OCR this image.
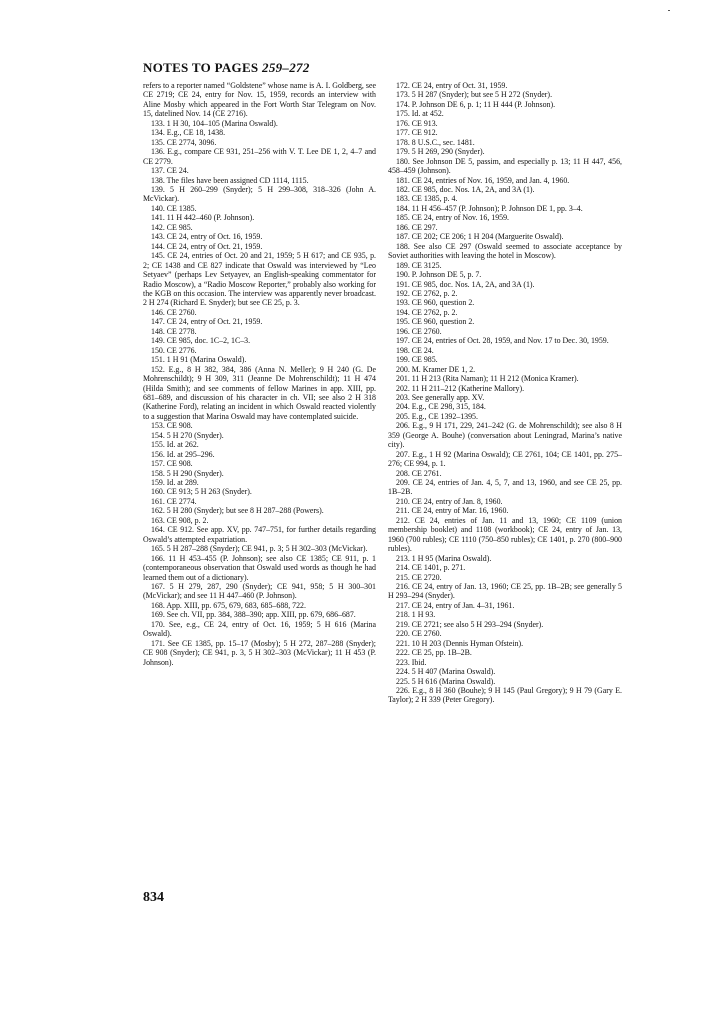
NOTES TO PAGES 259–272

refers to a reporter named “Goldstene” whose name is A. I. Goldberg, see CE 2719; CE 24, entry for Nov. 15, 1959, records an interview with Aline Mosby which appeared in the Fort Worth Star Telegram on Nov. 15, datelined Nov. 14 (CE 2716).

133. 1 H 30, 104–105 (Marina Oswald).

134. E.g., CE 18, 1438.

135. CE 2774, 3096.

136. E.g., compare CE 931, 251–256 with V. T. Lee DE 1, 2, 4–7 and CE 2779.

137. CE 24.

138. The files have been assigned CD 1114, 1115.

139. 5 H 260–299 (Snyder); 5 H 299–308, 318–326 (John A. McVickar).

140. CE 1385.

141. 11 H 442–460 (P. Johnson).

142. CE 985.

143. CE 24, entry of Oct. 16, 1959.

144. CE 24, entry of Oct. 21, 1959.

145. CE 24, entries of Oct. 20 and 21, 1959; 5 H 617; and CE 935, p. 2; CE 1438 and CE 827 indicate that Oswald was interviewed by “Leo Setyaev” (perhaps Lev Setyayev, an English-speaking commentator for Radio Moscow), a “Radio Moscow Reporter,” probably also working for the KGB on this occasion. The interview was apparently never broadcast. 2 H 274 (Richard E. Snyder); but see CE 25, p. 3.

146. CE 2760.

147. CE 24, entry of Oct. 21, 1959.

148. CE 2778.

149. CE 985, doc. 1C–2, 1C–3.

150. CE 2776.

151. 1 H 91 (Marina Oswald).

152. E.g., 8 H 382, 384, 386 (Anna N. Meller); 9 H 240 (G. De Mohrenschildt); 9 H 309, 311 (Jeanne De Mohrenschildt); 11 H 474 (Hilda Smith); and see comments of fellow Marines in app. XIII, pp. 681–689, and discussion of his character in ch. VII; see also 2 H 318 (Katherine Ford), relating an incident in which Oswald reacted violently to a suggestion that Marina Oswald may have contemplated suicide.

153. CE 908.

154. 5 H 270 (Snyder).

155. Id. at 262.

156. Id. at 295–296.

157. CE 908.

158. 5 H 290 (Snyder).

159. Id. at 289.

160. CE 913; 5 H 263 (Snyder).

161. CE 2774.

162. 5 H 280 (Snyder); but see 8 H 287–288 (Powers).

163. CE 908, p. 2.

164. CE 912. See app. XV, pp. 747–751, for further details regarding Oswald’s attempted expatriation.

165. 5 H 287–288 (Snyder); CE 941, p. 3; 5 H 302–303 (McVickar).

166. 11 H 453–455 (P. Johnson); see also CE 1385; CE 911, p. 1 (contemporaneous observation that Oswald used words as though he had learned them out of a dictionary).

167. 5 H 279, 287, 290 (Snyder); CE 941, 958; 5 H 300–301 (McVickar); and see 11 H 447–460 (P. Johnson).

168. App. XIII, pp. 675, 679, 683, 685–688, 722.

169. See ch. VII, pp. 384, 388–390; app. XIII, pp. 679, 686–687.

170. See, e.g., CE 24, entry of Oct. 16, 1959; 5 H 616 (Marina Oswald).

171. See CE 1385, pp. 15–17 (Mosby); 5 H 272, 287–288 (Snyder); CE 908 (Snyder); CE 941, p. 3, 5 H 302–303 (McVickar); 11 H 453 (P. Johnson).

172. CE 24, entry of Oct. 31, 1959.

173. 5 H 287 (Snyder); but see 5 H 272 (Snyder).

174. P. Johnson DE 6, p. 1; 11 H 444 (P. Johnson).

175. Id. at 452.

176. CE 913.

177. CE 912.

178. 8 U.S.C., sec. 1481.

179. 5 H 269, 290 (Snyder).

180. See Johnson DE 5, passim, and especially p. 13; 11 H 447, 456, 458–459 (Johnson).

181. CE 24, entries of Nov. 16, 1959, and Jan. 4, 1960.

182. CE 985, doc. Nos. 1A, 2A, and 3A (1).

183. CE 1385, p. 4.

184. 11 H 456–457 (P. Johnson); P. Johnson DE 1, pp. 3–4.

185. CE 24, entry of Nov. 16, 1959.

186. CE 297.

187. CE 202; CE 206; 1 H 204 (Marguerite Oswald).

188. See also CE 297 (Oswald seemed to associate acceptance by Soviet authorities with leaving the hotel in Moscow).

189. CE 3125.

190. P. Johnson DE 5, p. 7.

191. CE 985, doc. Nos. 1A, 2A, and 3A (1).

192. CE 2762, p. 2.

193. CE 960, question 2.

194. CE 2762, p. 2.

195. CE 960, question 2.

196. CE 2760.

197. CE 24, entries of Oct. 28, 1959, and Nov. 17 to Dec. 30, 1959.

198. CE 24.

199. CE 985.

200. M. Kramer DE 1, 2.

201. 11 H 213 (Rita Naman); 11 H 212 (Monica Kramer).

202. 11 H 211–212 (Katherine Mallory).

203. See generally app. XV.

204. E.g., CE 298, 315, 184.

205. E.g., CE 1392–1395.

206. E.g., 9 H 171, 229, 241–242 (G. de Mohrenschildt); see also 8 H 359 (George A. Bouhe) (conversation about Leningrad, Marina’s native city).

207. E.g., 1 H 92 (Marina Oswald); CE 2761, 104; CE 1401, pp. 275–276; CE 994, p. 1.

208. CE 2761.

209. CE 24, entries of Jan. 4, 5, 7, and 13, 1960, and see CE 25, pp. 1B–2B.

210. CE 24, entry of Jan. 8, 1960.

211. CE 24, entry of Mar. 16, 1960.

212. CE 24, entries of Jan. 11 and 13, 1960; CE 1109 (union membership booklet) and 1108 (workbook); CE 24, entry of Jan. 13, 1960 (700 rubles); CE 1110 (750–850 rubles); CE 1401, p. 270 (800–900 rubles).

213. 1 H 95 (Marina Oswald).

214. CE 1401, p. 271.

215. CE 2720.

216. CE 24, entry of Jan. 13, 1960; CE 25, pp. 1B–2B; see generally 5 H 293–294 (Snyder).

217. CE 24, entry of Jan. 4–31, 1961.

218. 1 H 93.

219. CE 2721; see also 5 H 293–294 (Snyder).

220. CE 2760.

221. 10 H 203 (Dennis Hyman Ofstein).

222. CE 25, pp. 1B–2B.

223. Ibid.

224. 5 H 407 (Marina Oswald).

225. 5 H 616 (Marina Oswald).

226. E.g., 8 H 360 (Bouhe); 9 H 145 (Paul Gregory); 9 H 79 (Gary E. Taylor); 2 H 339 (Peter Gregory).

834
